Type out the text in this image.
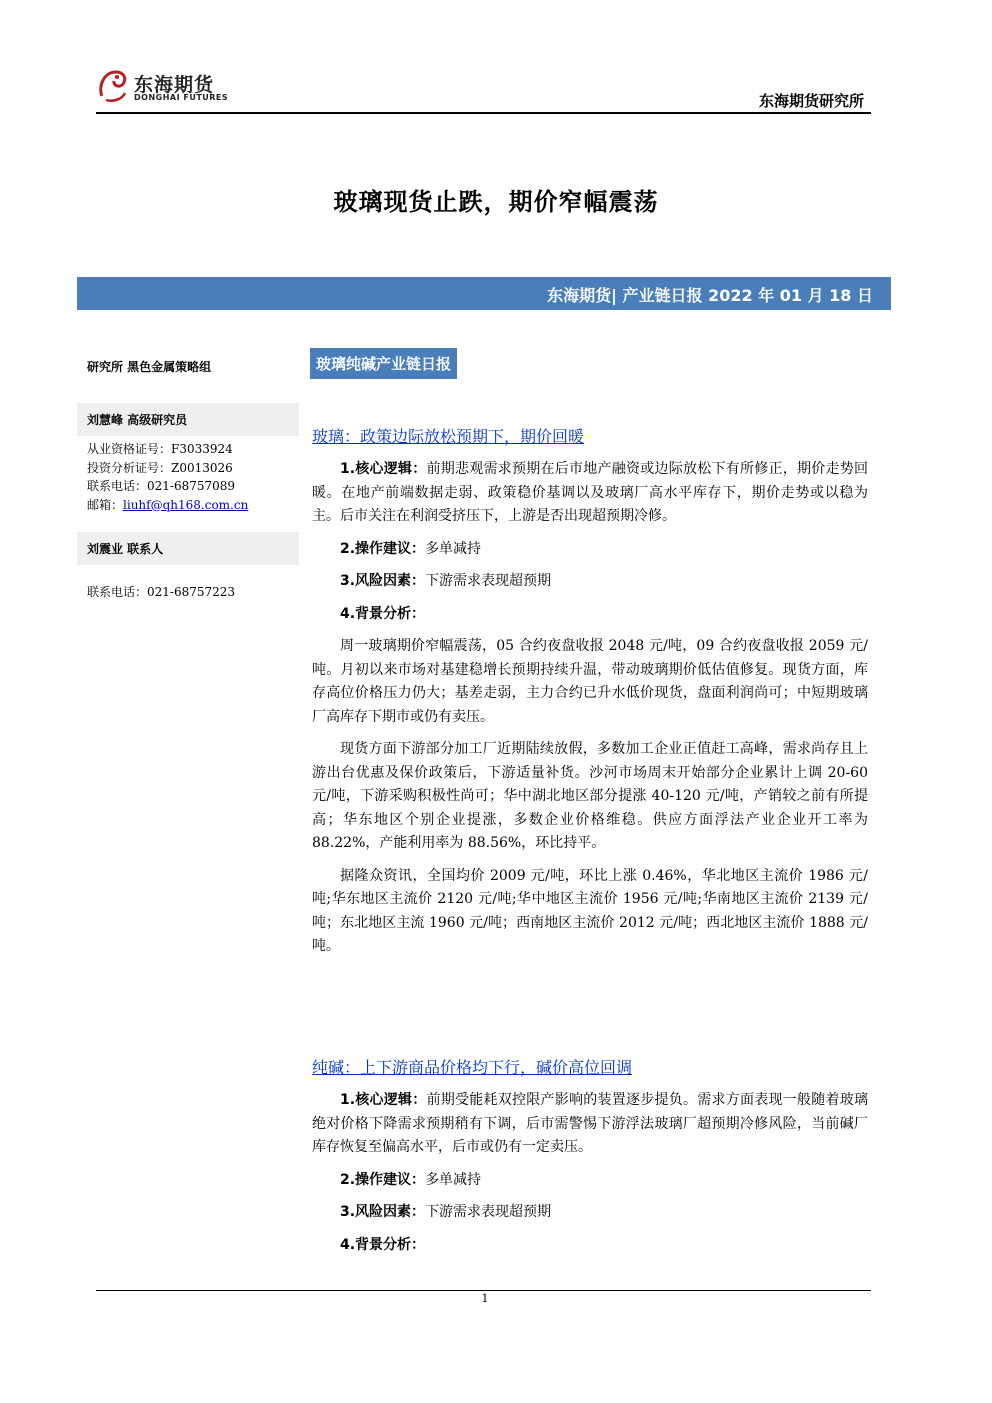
东海期货
DONGHAI FUTURES	东海期货研究所
玻璃现货止跌，期价窄幅震荡
东海期货| 产业链日报 2022 年 01 月 18 日
研究所 黑色金属策略组
刘慧峰 高级研究员
从业资格证号：F3033924
投资分析证号：Z0013026
联系电话：021-68757089
邮箱：liuhf@qh168.com.cn
刘震业 联系人
联系电话：021-68757223
玻璃纯碱产业链日报
玻璃：政策边际放松预期下，期价回暖

1.核心逻辑：前期悲观需求预期在后市地产融资或边际放松下有所修正，期价走势回暖。在地产前端数据走弱、政策稳价基调以及玻璃厂高水平库存下，期价走势或以稳为主。后市关注在利润受挤压下，上游是否出现超预期冷修。

2.操作建议：多单减持

3.风险因素：下游需求表现超预期

4.背景分析：

周一玻璃期价窄幅震荡，05 合约夜盘收报 2048 元/吨，09 合约夜盘收报 2059 元/吨。月初以来市场对基建稳增长预期持续升温，带动玻璃期价低估值修复。现货方面，库存高位价格压力仍大；基差走弱，主力合约已升水低价现货，盘面利润尚可；中短期玻璃厂高库存下期市或仍有卖压。

现货方面下游部分加工厂近期陆续放假，多数加工企业正值赶工高峰，需求尚存且上游出台优惠及保价政策后，下游适量补货。沙河市场周末开始部分企业累计上调 20-60 元/吨，下游采购积极性尚可；华中湖北地区部分提涨 40-120 元/吨，产销较之前有所提高；华东地区个别企业提涨，多数企业价格维稳。供应方面浮法产业企业开工率为 88.22%，产能利用率为 88.56%，环比持平。

据隆众资讯，全国均价 2009 元/吨，环比上涨 0.46%，华北地区主流价 1986 元/吨;华东地区主流价 2120 元/吨;华中地区主流价 1956 元/吨;华南地区主流价 2139 元/吨；东北地区主流 1960 元/吨；西南地区主流价 2012 元/吨；西北地区主流价 1888 元/吨。

纯碱：上下游商品价格均下行，碱价高位回调

1.核心逻辑：前期受能耗双控限产影响的装置逐步提负。需求方面表现一般随着玻璃绝对价格下降需求预期稍有下调，后市需警惕下游浮法玻璃厂超预期冷修风险，当前碱厂库存恢复至偏高水平，后市或仍有一定卖压。

2.操作建议：多单减持

3.风险因素：下游需求表现超预期

4.背景分析：

1
